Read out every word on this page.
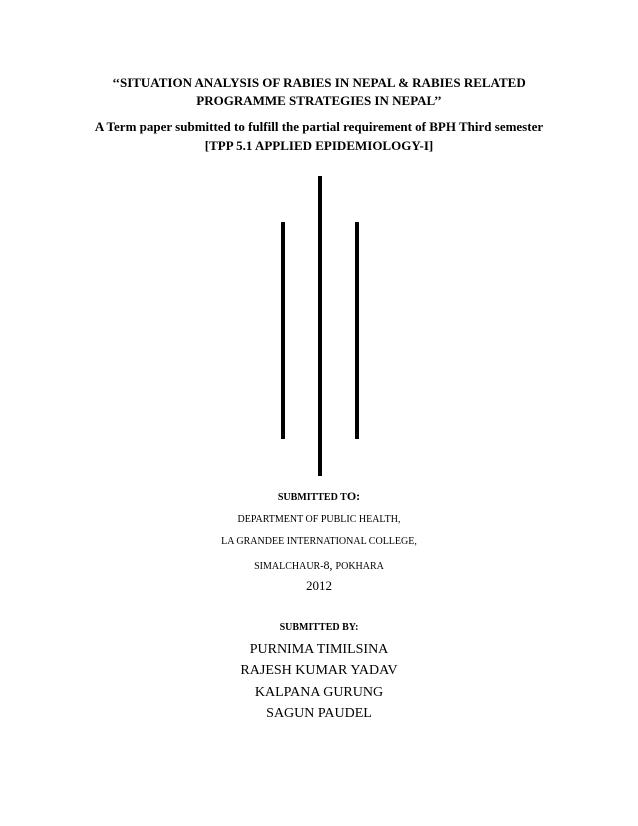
‘‘SITUATION ANALYSIS OF RABIES IN NEPAL & RABIES RELATED
PROGRAMME STRATEGIES IN NEPAL’’
A Term paper submitted to fulfill the partial requirement of BPH Third semester
[TPP 5.1 APPLIED EPIDEMIOLOGY-I]
SUBMITTED TO:
DEPARTMENT OF PUBLIC HEALTH,
LA GRANDEE INTERNATIONAL COLLEGE,
SIMALCHAUR-8, POKHARA
2012
SUBMITTED BY:
PURNIMA TIMILSINA
RAJESH KUMAR YADAV
KALPANA GURUNG
SAGUN PAUDEL
